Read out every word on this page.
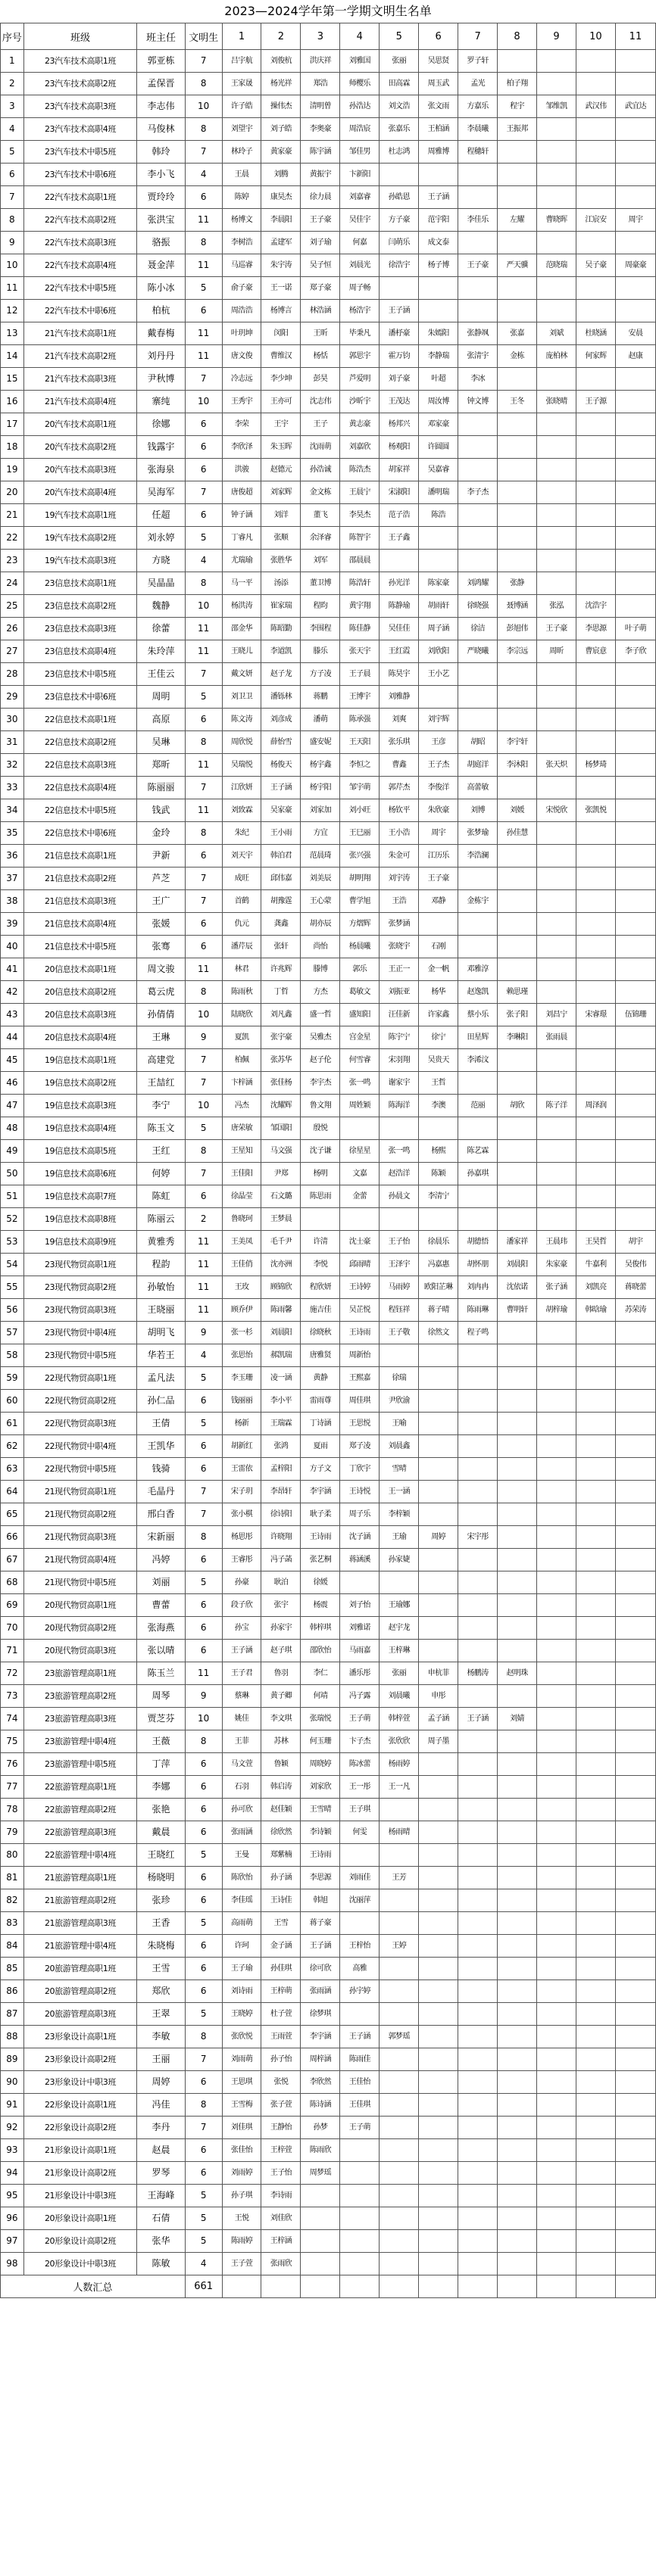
2023—2024学年第一学期文明生名单
序号	班级	班主任	文明生	1	2	3	4	5	6	7	8	9	10	11
1	23汽车技术高职1班	郭亚栋	7	吕宇航	刘俊杭	洪庆祥	刘雅国	张丽	吴思贤	罗子轩				
2	23汽车技术高职2班	孟保晋	8	王家晟	杨光祥	郑浩	师樱乐	田高霖	周玉武	孟光	柏子翔			
3	23汽车技术高职3班	李志伟	10	许子皓	操伟杰	清明曾	孙浩达	刘文浩	张文雨	方嘉乐	程宇	邹维凯	武汉伟	武宜达
4	23汽车技术高职4班	马俊林	8	刘望宇	刘子皓	李奥豪	周浩宸	张嘉乐	王柏涵	李晨曦	王振邦			
5	23汽车技术中职5班	韩玲	7	林玲子	黄家豪	陈宇涵	邹佳男	杜志鸿	周雅博	程穗轩				
6	23汽车技术中职6班	李小飞	4	王晨	刘腾	黄振宇	卞新阳							
7	22汽车技术高职1班	贾玲玲	6	陈婷	康昊杰	徐力晨	刘嘉睿	孙皓恩	王子涵					
8	22汽车技术高职2班	张洪宝	11	杨博文	李晨阳	王子豪	吴佳宇	方子豪	范宇阳	李佳乐	左耀	曹晓晖	江宸安	周宇
9	22汽车技术高职3班	骆振	8	李树浩	孟建军	刘子瑜	何嘉	闫萌乐	成文泰					
10	22汽车技术高职4班	聂金萍	11	马巡睿	朱宇涛	吴子恒	刘晨光	徐浩宇	杨子博	王子豪	严天骥	范晓瑞	吴子豪	周豪豪
11	22汽车技术中职5班	陈小冰	5	俞子豪	王一诺	郑子豪	周子畅							
12	22汽车技术中职6班	柏杭	6	周浩浩	杨博言	林浩涵	杨浩宇	王子涵						
13	21汽车技术高职1班	戴春梅	11	叶玥坤	闵阳	王昕	毕秉凡	潘杼豪	朱嫣阳	张静飒	张嘉	刘斌	杜晓涵	安晨
14	21汽车技术高职2班	刘丹丹	11	唐文俊	曹维汉	杨恬	郭思宇	霍万钧	李静瑞	张清宇	金栋	庞柏林	何家辉	赵康
15	21汽车技术高职3班	尹秋博	7	冷志远	李少坤	彭昊	芦爱明	刘子豪	叶超	李冰				
16	21汽车技术高职4班	寨纯	10	王秀宇	王亦可	沈志伟	沙昕宇	王茂达	周汝博	钟文博	王冬	张晓晴	王子源	
17	20汽车技术高职1班	徐娜	6	李荣	王宇	王子	黄志豪	杨邦兴	邓家豪					
18	20汽车技术高职2班	钱露宇	6	李欣泽	朱玉晖	沈雨萌	刘嘉欣	杨观阳	许圆圆					
19	20汽车技术高职3班	张海泉	6	洪骏	赵德元	孙浩诚	陈浩杰	胡家祥	吴嘉睿					
20	20汽车技术高职4班	吴海军	7	唐俊超	刘家辉	金文栋	王晨宁	宋淑阳	潘明瑞	李子杰				
21	19汽车技术高职1班	任超	6	钟子涵	刘洋	董飞	李昊杰	范子浩	陈浩					
22	19汽车技术高职2班	刘永婷	5	丁睿凡	张顺	余泽睿	陈智宇	王子鑫						
23	19汽车技术高职3班	方晓	4	尤瑞瑜	张胜华	刘军	邵晨晨							
24	23信息技术高职1班	吴晶晶	8	马一平	汤添	董卫博	陈浩轩	孙光洋	陈家豪	刘鸿耀	张静			
25	23信息技术高职2班	魏静	10	杨洪涛	崔家瑞	程昀	黄宇翔	陈静瑜	胡雨轩	徐晓强	聂博涵	张泓	沈浩宇	
26	23信息技术高职3班	徐蕾	11	邵金华	陈昭勤	李围程	陈佳静	吴佳佳	周子涵	徐洁	彭旭伟	王子豪	李思源	叶子萌
27	23信息技术高职4班	朱玲萍	11	王晓儿	李道凯	滕乐	张天宇	王红霞	刘欣阳	严晓曦	李宗远	周昕	曹宸意	李子欣
28	23信息技术中职5班	王佳云	7	戴文妍	赵子龙	方子凌	王子晨	陈昊宇	王小艺					
29	23信息技术中职6班	周明	5	刘卫卫	潘铄林	蒋鹏	王博宇	刘雅静						
30	22信息技术高职1班	高原	6	陈文涛	刘彦成	潘萌	陈承强	刘爽	刘宇辉					
31	22信息技术高职2班	吴琳	8	周欣悦	薛怡雪	盛安妮	王天阳	张乐琪	王彦	胡昭	李宇轩			
32	22信息技术高职3班	郑昕	11	吴瑞悦	杨俊天	杨宇鑫	李恒之	曹鑫	王子杰	胡庭洋	李沐阳	张天炽	杨梦琦	
33	22信息技术高职4班	陈丽丽	7	江欣妍	王子涵	杨宇阳	邹宇萌	郭芹杰	李俊洋	高蕾敏				
34	22信息技术中职5班	钱武	11	刘致霖	吴家豪	刘家加	刘小旺	杨钦平	朱欣豪	刘博	刘媛	宋悦欣	张凯悦	
35	22信息技术中职6班	金玲	8	朱纪	王小雨	方宜	王巳丽	王小浩	周宇	张梦瑜	孙佳慧			
36	21信息技术高职1班	尹新	6	刘天宇	韩泊君	范晨琦	张兴强	朱金可	江历乐	李浩澜				
37	21信息技术高职2班	芦芝	7	成旺	邱伟嘉	刘美辰	胡明翔	刘宇涛	王子豪					
38	21信息技术高职3班	王广	7	首鹤	胡豫霆	王心蒙	曹学旭	王浩	邓静	金栋宇				
39	21信息技术高职4班	张媛	6	仇元	龚鑫	胡亦辰	方熠辉	张梦涵						
40	21信息技术中职5班	张骞	6	潘芹辰	张轩	尚怡	杨晨曦	张晓宇	石刚					
41	20信息技术高职1班	周文骏	11	林君	许兆辉	滕博	郭乐	王正一	金一帆	邓雅淳				
42	20信息技术高职2班	葛云虎	8	陈雨秋	丁哲	方杰	葛敏文	刘振亚	杨华	赵逸凯	赖思瑾			
43	20信息技术高职3班	孙倩倩	10	陆晓欣	刘凡鑫	盛一哲	盛知阳	汪佳新	许家鑫	蔡小乐	张子阳	刘昌宁	宋睿璟	伍锦珊
44	20信息技术高职4班	王琳	9	夏凯	张宇豪	吴雅杰	宫金星	陈宇宁	徐宁	田星辉	李琳阳	张雨晨		
45	19信息技术高职1班	高建党	7	柏佩	张苏华	赵子伦	何雪睿	宋羽翔	吴贵天	李浠汶				
46	19信息技术高职2班	王喆红	7	卞梓涵	张佳杨	李宇杰	张一鸣	谢家宇	王哲					
47	19信息技术高职3班	李宁	10	冯杰	沈耀辉	鲁文翔	周姓颖	陈海洋	李澳	范丽	胡欣	陈子洋	周泽润	
48	19信息技术高职4班	陈玉文	5	唐荣敏	邹国阳	殷悦								
49	19信息技术高职5班	王红	8	王星知	马文强	沈子谦	徐星星	张一鸣	杨熙	陈艺霖				
50	19信息技术高职6班	何婷	7	王佳阳	尹郑	杨明	文嘉	赵浩洋	陈颖	孙嘉琪				
51	19信息技术高职7班	陈虹	6	徐晶莹	石文璐	陈思雨	金蕾	孙晨文	李清宁					
52	19信息技术高职8班	陈丽云	2	鲁晓珂	王梦晨									
53	19信息技术高职9班	黄雅秀	11	王美凤	毛千尹	许清	沈士豪	王子怡	徐晨乐	胡德悟	潘家祥	王晨玮	王昊哲	胡宇
54	23现代物贸高职1班	程韵	11	王佳俏	沈亦洲	李悦	邱雨晴	王泽宇	冯嘉惠	胡怀朋	刘晨阳	朱家豪	牛嘉利	吴俊伟
55	23现代物贸高职2班	孙敏怡	11	王玫	顾锦欣	程欣妍	王诗婷	马雨婷	欧阳芷琳	刘冉冉	沈依诺	张子涵	刘凯亮	蒋晓蕾
56	23现代物贸高职3班	王晓丽	11	顾乔伊	陈雨馨	施吉佳	吴芷悦	程钰祥	蒋子晴	陈雨琳	曹明轩	胡梓瑜	韩晗瑜	苏荣涛
57	23现代物贸中职4班	胡明飞	9	张一杉	刘晨阳	徐晓秋	王诗雨	王子敬	徐然文	程子鸣				
58	23现代物贸中职5班	华若王	4	张思怡	郝凯瑞	唐雅贤	周新怡							
59	22现代物贸高职1班	孟凡法	5	李玉珊	凌一涵	黄静	王熙嘉	徐瑞						
60	22现代物贸高职2班	孙仁品	6	钱丽丽	李小平	雷雨尊	周佳琪	尹欣渝						
61	22现代物贸高职3班	王倩	5	杨新	王瑞霖	丁诗涵	王思悦	王喻						
62	22现代物贸中职4班	王凯华	6	胡新红	张鸿	夏雨	郑子凌	刘晨鑫						
63	22现代物贸中职5班	钱骑	6	王雷依	孟梓阳	方子文	丁欣宇	雪晴						
64	21现代物贸高职1班	毛晶丹	7	宋子玥	李昂轩	李宇涵	王诗悦	王一涵						
65	21现代物贸高职2班	邢白香	7	张小棋	徐诗阳	耿子柔	周子乐	李梓颖						
66	21现代物贸高职3班	宋新丽	8	杨思彤	许晓翔	王诗雨	沈子涵	王瑜	周婷	宋宇彤				
67	21现代物贸高职4班	冯婷	6	王睿彤	冯子菡	张艺桐	蒋涵溪	孙家婕						
68	21现代物贸中职5班	刘丽	5	孙豪	耿泊	徐媛								
69	20现代物贸高职1班	曹蕾	6	段子欣	张宇	杨震	刘子怡	王瑜娜						
70	20现代物贸高职2班	张海燕	6	孙宝	孙家宇	韩梓琪	刘雅诺	赵宇龙						
71	20现代物贸高职3班	张以晴	6	王子涵	赵子琪	邵欣怡	马雨嘉	王梓琳						
72	23旅游管理高职1班	陈玉兰	11	王子君	鲁羽	李仁	潘乐彤	张丽	申杭菲	杨鹏涛	赵明珠			
73	23旅游管理高职2班	周琴	9	蔡琳	黄子卿	何靖	冯子露	刘晨曦	申彤					
74	23旅游管理高职3班	贾芝芬	10	姚佳	李文琪	张瑞悦	王子萌	韩梓萱	孟子涵	王子涵	刘婧			
75	23旅游管理中职4班	王薇	8	王菲	苏林	何玉珊	卞子杰	张欣欣	周子墨					
76	23旅游管理中职5班	丁萍	6	马文萱	鲁颖	周晓婷	陈冰蕾	杨雨婷						
77	22旅游管理高职1班	李娜	6	石羽	韩启涛	刘家欣	王一彤	王一凡						
78	22旅游管理高职2班	张艳	6	孙可欣	赵佳颖	王雪晴	王子琪							
79	22旅游管理高职3班	戴晨	6	张雨涵	徐欣然	李诗颖	何雯	杨雨晴						
80	22旅游管理中职4班	王晓红	5	王曼	郑紫楠	王诗雨								
81	21旅游管理高职1班	杨晓明	6	陈欣怡	孙子涵	李思源	刘雨佳	王芳						
82	21旅游管理高职2班	张珍	6	李佳瑶	王诗佳	韩旭	沈丽萍							
83	21旅游管理高职3班	王香	5	高雨萌	王雪	蒋子豪								
84	21旅游管理中职4班	朱晓梅	6	许珂	金子涵	王子涵	王梓怡	王婷						
85	20旅游管理高职1班	王雪	6	王子瑜	孙佳琪	徐可欣	高雅							
86	20旅游管理高职2班	郑欣	6	刘诗雨	王梓萌	张雨涵	孙宇婷							
87	20旅游管理高职3班	王翠	5	王晓婷	杜子萱	徐梦琪								
88	23形象设计高职1班	李敏	8	张欣悦	王雨萱	李宇涵	王子涵	郭梦瑶						
89	23形象设计高职2班	王丽	7	刘雨萌	孙子怡	周梓涵	陈雨佳							
90	23形象设计中职3班	周婷	6	王思琪	张悦	李欣然	王佳怡							
91	22形象设计高职1班	冯佳	8	王雪梅	张子萱	陈诗涵	王佳琪							
92	22形象设计高职2班	李丹	7	刘佳琪	王静怡	孙梦	王子萌							
93	21形象设计高职1班	赵晨	6	张佳怡	王梓萱	陈雨欣								
94	21形象设计高职2班	罗琴	6	刘雨婷	王子怡	周梦瑶								
95	21形象设计中职3班	王海峰	5	孙子琪	李诗雨									
96	20形象设计高职1班	石倩	5	王悦	刘佳欣									
97	20形象设计高职2班	张华	5	陈雨婷	王梓涵									
98	20形象设计中职3班	陈敏	4	王子萱	张雨欣									
人数汇总			661											
